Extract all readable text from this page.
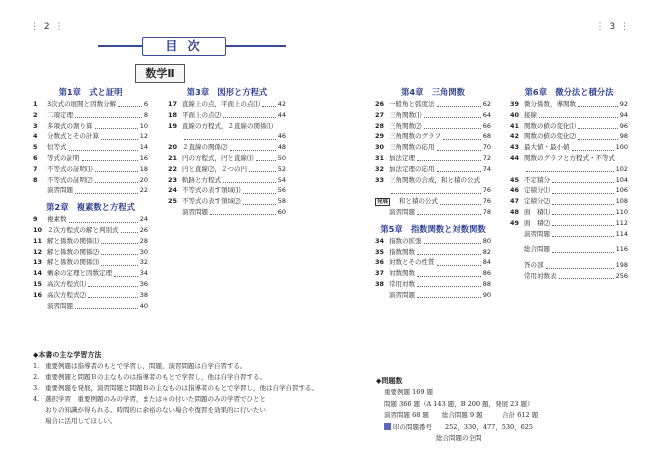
⋮ 2 ⋮	⋮ 3 ⋮
目 次
数学Ⅱ
第1章　式と証明
1	3次式の展開と因数分解	6
2	二項定理	8
3	多項式の割り算	10
4	分数式とその計算	12
5	恒等式	14
6	等式の証明	16
7	不等式の証明⑴	18
8	不等式の証明⑵	20
演習問題	22
第2章　複素数と方程式
9	複素数	24
10 ２次方程式の解と判別式	26
11 解と係数の関係⑴	28
12 解と係数の関係⑵	30
13 解と係数の関係⑶	32
14 剰余の定理と因数定理	34
15 高次方程式⑴	36
16 高次方程式⑵	38
演習問題	40
第3章　図形と方程式
17 直線上の点，平面上の点⑴	42
18 平面上の点⑵	44
19 直線の方程式，２直線の関係⑴
46
20 ２直線の関係⑵	48
21 円の方程式，円と直線⑴	50
22 円と直線⑵，２つの円	52
23 軌跡と方程式	54
24 不等式の表す領域⑴	56
25 不等式の表す領域⑵	58
演習問題	60
第4章　三角関数
26 一般角と弧度法	62
27 三角関数⑴	64
28 三角関数⑵	66
29 三角関数のグラフ	68
30 三角関数の応用	70
31 加法定理	72
32 加法定理の応用	74
33 三角関数の合成，和と積の公式
76
発展	和と積の公式	76
演習問題	78
第5章　指数関数と対数関数
34 指数の拡張	80
35 指数関数	82
36 対数とその性質	84
37 対数関数	86
38 常用対数	88
演習問題	90
第6章　微分法と積分法
39 微分係数，導関数	92
40 接線	94
41 関数の値の変化⑴	96
42 関数の値の変化⑵	98
43 最大値・最小値	100
44 関数のグラフと方程式・不等式
102
45 不定積分	104
46 定積分⑴	106
47 定積分⑵	108
48 面　積⑴	110
49 面　積⑵	112
演習問題	114
総合問題	116
答の部	198
常用対数表	256
◆本書の主な学習方法
1. 重要例題は指導者のもとで学習し，問題，演習問題は自学自習する。
2. 重要例題と問題Ｂの主なものは指導者のもとで学習し，他は自学自習する。
3. 重要例題を発展，演習問題と問題Ｂの主なものは指導者のもとで学習し，他は自学自習する。
4. 選択学習　重要例題のみの学習，または＊の付いた問題のみの学習でひとと
おりの知識が得られる。時間的に余裕のない場合や復習を効果的に行いたい
場合に活用してほしい。
◆問題数
重要例題 169 題
問題 366 題（A 143 題，B 200 題，発展 23 題）
演習問題 68 題　　総合問題 9 題　　　合計 612 題
印の問題番号　　252，330，477，530，625
　　　　　　　　総合問題の全問
